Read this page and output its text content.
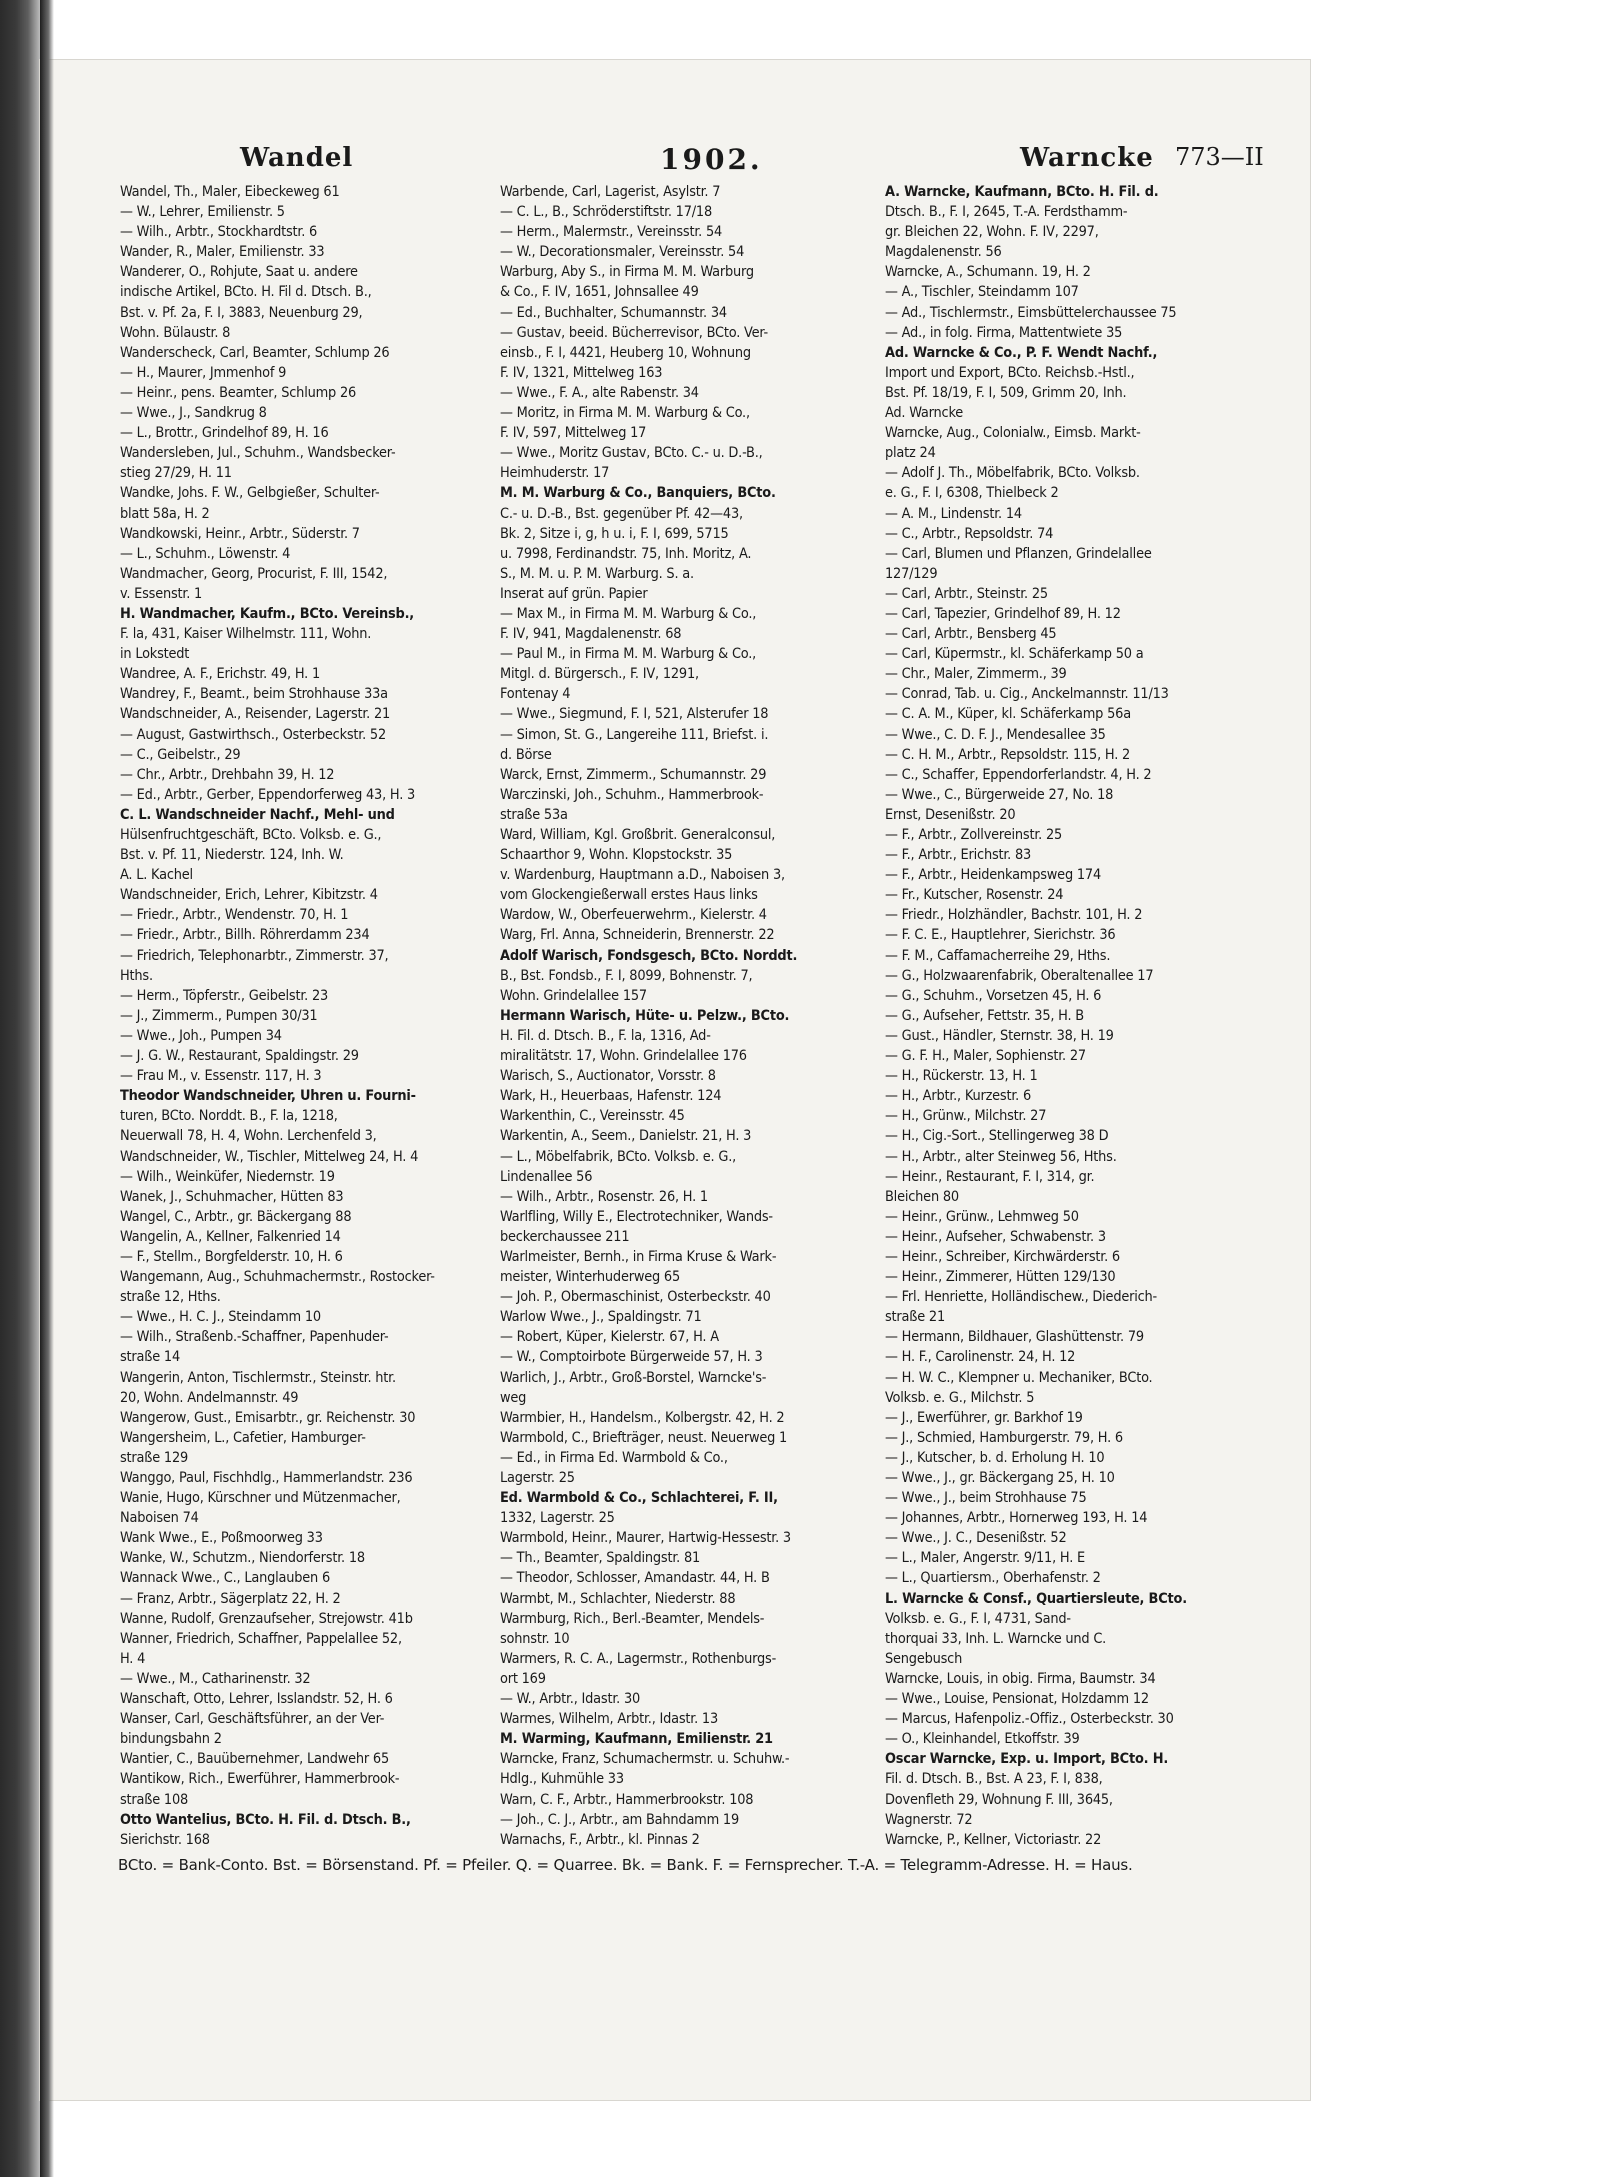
Wandel	1902.	Warncke 773—II
Wandel, Th., Maler, Eibeckeweg 61
— W., Lehrer, Emilienstr. 5
— Wilh., Arbtr., Stockhardtstr. 6
Wander, R., Maler, Emilienstr. 33
Wanderer, O., Rohjute, Saat u. andere
indische Artikel, BCto. H. Fil d. Dtsch. B.,
Bst. v. Pf. 2a, F. I, 3883, Neuenburg 29,
Wohn. Bülaustr. 8
Wanderscheck, Carl, Beamter, Schlump 26
— H., Maurer, Jmmenhof 9
— Heinr., pens. Beamter, Schlump 26
— Wwe., J., Sandkrug 8
— L., Brottr., Grindelhof 89, H. 16
Wandersleben, Jul., Schuhm., Wandsbecker-
stieg 27/29, H. 11
Wandke, Johs. F. W., Gelbgießer, Schulter-
blatt 58a, H. 2
Wandkowski, Heinr., Arbtr., Süderstr. 7
— L., Schuhm., Löwenstr. 4
Wandmacher, Georg, Procurist, F. III, 1542,
v. Essenstr. 1
H. Wandmacher, Kaufm., BCto. Vereinsb.,
F. la, 431, Kaiser Wilhelmstr. 111, Wohn.
in Lokstedt
Wandree, A. F., Erichstr. 49, H. 1
Wandrey, F., Beamt., beim Strohhause 33a
Wandschneider, A., Reisender, Lagerstr. 21
— August, Gastwirthsch., Osterbeckstr. 52
— C., Geibelstr., 29
— Chr., Arbtr., Drehbahn 39, H. 12
— Ed., Arbtr., Gerber, Eppendorferweg 43, H. 3
C. L. Wandschneider Nachf., Mehl- und
Hülsenfruchtgeschäft, BCto. Volksb. e. G.,
Bst. v. Pf. 11, Niederstr. 124, Inh. W.
A. L. Kachel
Wandschneider, Erich, Lehrer, Kibitzstr. 4
— Friedr., Arbtr., Wendenstr. 70, H. 1
— Friedr., Arbtr., Billh. Röhrerdamm 234
— Friedrich, Telephonarbtr., Zimmerstr. 37,
Hths.
— Herm., Töpferstr., Geibelstr. 23
— J., Zimmerm., Pumpen 30/31
— Wwe., Joh., Pumpen 34
— J. G. W., Restaurant, Spaldingstr. 29
— Frau M., v. Essenstr. 117, H. 3
Theodor Wandschneider, Uhren u. Fourni-
turen, BCto. Norddt. B., F. la, 1218,
Neuerwall 78, H. 4, Wohn. Lerchenfeld 3,
Wandschneider, W., Tischler, Mittelweg 24, H. 4
— Wilh., Weinküfer, Niedernstr. 19
Wanek, J., Schuhmacher, Hütten 83
Wangel, C., Arbtr., gr. Bäckergang 88
Wangelin, A., Kellner, Falkenried 14
— F., Stellm., Borgfelderstr. 10, H. 6
Wangemann, Aug., Schuhmachermstr., Rostocker-
straße 12, Hths.
— Wwe., H. C. J., Steindamm 10
— Wilh., Straßenb.-Schaffner, Papenhuder-
straße 14
Wangerin, Anton, Tischlermstr., Steinstr. htr.
20, Wohn. Andelmannstr. 49
Wangerow, Gust., Emisarbtr., gr. Reichenstr. 30
Wangersheim, L., Cafetier, Hamburger-
straße 129
Wanggo, Paul, Fischhdlg., Hammerlandstr. 236
Wanie, Hugo, Kürschner und Mützenmacher,
Naboisen 74
Wank Wwe., E., Poßmoorweg 33
Wanke, W., Schutzm., Niendorferstr. 18
Wannack Wwe., C., Langlauben 6
— Franz, Arbtr., Sägerplatz 22, H. 2
Wanne, Rudolf, Grenzaufseher, Strejowstr. 41b
Wanner, Friedrich, Schaffner, Pappelallee 52,
H. 4
— Wwe., M., Catharinenstr. 32
Wanschaft, Otto, Lehrer, Isslandstr. 52, H. 6
Wanser, Carl, Geschäftsführer, an der Ver-
bindungsbahn 2
Wantier, C., Bauübernehmer, Landwehr 65
Wantikow, Rich., Ewerführer, Hammerbrook-
straße 108
Otto Wantelius, BCto. H. Fil. d. Dtsch. B.,
Sierichstr. 168
Warbende, Carl, Lagerist, Asylstr. 7
— C. L., B., Schröderstiftstr. 17/18
— Herm., Malermstr., Vereinsstr. 54
— W., Decorationsmaler, Vereinsstr. 54
Warburg, Aby S., in Firma M. M. Warburg
& Co., F. IV, 1651, Johnsallee 49
— Ed., Buchhalter, Schumannstr. 34
— Gustav, beeid. Bücherrevisor, BCto. Ver-
einsb., F. I, 4421, Heuberg 10, Wohnung
F. IV, 1321, Mittelweg 163
— Wwe., F. A., alte Rabenstr. 34
— Moritz, in Firma M. M. Warburg & Co.,
F. IV, 597, Mittelweg 17
— Wwe., Moritz Gustav, BCto. C.- u. D.-B.,
Heimhuderstr. 17
M. M. Warburg & Co., Banquiers, BCto.
C.- u. D.-B., Bst. gegenüber Pf. 42—43,
Bk. 2, Sitze i, g, h u. i, F. I, 699, 5715
u. 7998, Ferdinandstr. 75, Inh. Moritz, A.
S., M. M. u. P. M. Warburg. S. a.
Inserat auf grün. Papier
— Max M., in Firma M. M. Warburg & Co.,
F. IV, 941, Magdalenenstr. 68
— Paul M., in Firma M. M. Warburg & Co.,
Mitgl. d. Bürgersch., F. IV, 1291,
Fontenay 4
— Wwe., Siegmund, F. I, 521, Alsterufer 18
— Simon, St. G., Langereihe 111, Briefst. i.
d. Börse
Warck, Ernst, Zimmerm., Schumannstr. 29
Warczinski, Joh., Schuhm., Hammerbrook-
straße 53a
Ward, William, Kgl. Großbrit. Generalconsul,
Schaarthor 9, Wohn. Klopstockstr. 35
v. Wardenburg, Hauptmann a.D., Naboisen 3,
vom Glockengießerwall erstes Haus links
Wardow, W., Oberfeuerwehrm., Kielerstr. 4
Warg, Frl. Anna, Schneiderin, Brennerstr. 22
Adolf Warisch, Fondsgesch, BCto. Norddt.
B., Bst. Fondsb., F. I, 8099, Bohnenstr. 7,
Wohn. Grindelallee 157
Hermann Warisch, Hüte- u. Pelzw., BCto.
H. Fil. d. Dtsch. B., F. la, 1316, Ad-
miralitätstr. 17, Wohn. Grindelallee 176
Warisch, S., Auctionator, Vorsstr. 8
Wark, H., Heuerbaas, Hafenstr. 124
Warkenthin, C., Vereinsstr. 45
Warkentin, A., Seem., Danielstr. 21, H. 3
— L., Möbelfabrik, BCto. Volksb. e. G.,
Lindenallee 56
— Wilh., Arbtr., Rosenstr. 26, H. 1
Warlfling, Willy E., Electrotechniker, Wands-
beckerchaussee 211
Warlmeister, Bernh., in Firma Kruse & Wark-
meister, Winterhuderweg 65
— Joh. P., Obermaschinist, Osterbeckstr. 40
Warlow Wwe., J., Spaldingstr. 71
— Robert, Küper, Kielerstr. 67, H. A
— W., Comptoirbote Bürgerweide 57, H. 3
Warlich, J., Arbtr., Groß-Borstel, Warncke's-
weg
Warmbier, H., Handelsm., Kolbergstr. 42, H. 2
Warmbold, C., Briefträger, neust. Neuerweg 1
— Ed., in Firma Ed. Warmbold & Co.,
Lagerstr. 25
Ed. Warmbold & Co., Schlachterei, F. II,
1332, Lagerstr. 25
Warmbold, Heinr., Maurer, Hartwig-Hessestr. 3
— Th., Beamter, Spaldingstr. 81
— Theodor, Schlosser, Amandastr. 44, H. B
Warmbt, M., Schlachter, Niederstr. 88
Warmburg, Rich., Berl.-Beamter, Mendels-
sohnstr. 10
Warmers, R. C. A., Lagermstr., Rothenburgs-
ort 169
— W., Arbtr., Idastr. 30
Warmes, Wilhelm, Arbtr., Idastr. 13
M. Warming, Kaufmann, Emilienstr. 21
Warncke, Franz, Schumachermstr. u. Schuhw.-
Hdlg., Kuhmühle 33
Warn, C. F., Arbtr., Hammerbrookstr. 108
— Joh., C. J., Arbtr., am Bahndamm 19
Warnachs, F., Arbtr., kl. Pinnas 2
A. Warncke, Kaufmann, BCto. H. Fil. d.
Dtsch. B., F. I, 2645, T.-A. Ferdsthamm-
gr. Bleichen 22, Wohn. F. IV, 2297,
Magdalenenstr. 56
Warncke, A., Schumann. 19, H. 2
— A., Tischler, Steindamm 107
— Ad., Tischlermstr., Eimsbüttelerchaussee 75
— Ad., in folg. Firma, Mattentwiete 35
Ad. Warncke & Co., P. F. Wendt Nachf.,
Import und Export, BCto. Reichsb.-Hstl.,
Bst. Pf. 18/19, F. I, 509, Grimm 20, Inh.
Ad. Warncke
Warncke, Aug., Colonialw., Eimsb. Markt-
platz 24
— Adolf J. Th., Möbelfabrik, BCto. Volksb.
e. G., F. I, 6308, Thielbeck 2
— A. M., Lindenstr. 14
— C., Arbtr., Repsoldstr. 74
— Carl, Blumen und Pflanzen, Grindelallee
127/129
— Carl, Arbtr., Steinstr. 25
— Carl, Tapezier, Grindelhof 89, H. 12
— Carl, Arbtr., Bensberg 45
— Carl, Küpermstr., kl. Schäferkamp 50 a
— Chr., Maler, Zimmerm., 39
— Conrad, Tab. u. Cig., Anckelmannstr. 11/13
— C. A. M., Küper, kl. Schäferkamp 56a
— Wwe., C. D. F. J., Mendesallee 35
— C. H. M., Arbtr., Repsoldstr. 115, H. 2
— C., Schaffer, Eppendorferlandstr. 4, H. 2
— Wwe., C., Bürgerweide 27, No. 18
Ernst, Desenißstr. 20
— F., Arbtr., Zollvereinstr. 25
— F., Arbtr., Erichstr. 83
— F., Arbtr., Heidenkampsweg 174
— Fr., Kutscher, Rosenstr. 24
— Friedr., Holzhändler, Bachstr. 101, H. 2
— F. C. E., Hauptlehrer, Sierichstr. 36
— F. M., Caffamacherreihe 29, Hths.
— G., Holzwaarenfabrik, Oberaltenallee 17
— G., Schuhm., Vorsetzen 45, H. 6
— G., Aufseher, Fettstr. 35, H. B
— Gust., Händler, Sternstr. 38, H. 19
— G. F. H., Maler, Sophienstr. 27
— H., Rückerstr. 13, H. 1
— H., Arbtr., Kurzestr. 6
— H., Grünw., Milchstr. 27
— H., Cig.-Sort., Stellingerweg 38 D
— H., Arbtr., alter Steinweg 56, Hths.
— Heinr., Restaurant, F. I, 314, gr.
Bleichen 80
— Heinr., Grünw., Lehmweg 50
— Heinr., Aufseher, Schwabenstr. 3
— Heinr., Schreiber, Kirchwärderstr. 6
— Heinr., Zimmerer, Hütten 129/130
— Frl. Henriette, Holländischew., Diederich-
straße 21
— Hermann, Bildhauer, Glashüttenstr. 79
— H. F., Carolinenstr. 24, H. 12
— H. W. C., Klempner u. Mechaniker, BCto.
Volksb. e. G., Milchstr. 5
— J., Ewerführer, gr. Barkhof 19
— J., Schmied, Hamburgerstr. 79, H. 6
— J., Kutscher, b. d. Erholung H. 10
— Wwe., J., gr. Bäckergang 25, H. 10
— Wwe., J., beim Strohhause 75
— Johannes, Arbtr., Hornerweg 193, H. 14
— Wwe., J. C., Desenißstr. 52
— L., Maler, Angerstr. 9/11, H. E
— L., Quartiersm., Oberhafenstr. 2
L. Warncke & Consf., Quartiersleute, BCto.
Volksb. e. G., F. I, 4731, Sand-
thorquai 33, Inh. L. Warncke und C.
Sengebusch
Warncke, Louis, in obig. Firma, Baumstr. 34
— Wwe., Louise, Pensionat, Holzdamm 12
— Marcus, Hafenpoliz.-Offiz., Osterbeckstr. 30
— O., Kleinhandel, Etkoffstr. 39
Oscar Warncke, Exp. u. Import, BCto. H.
Fil. d. Dtsch. B., Bst. A 23, F. I, 838,
Dovenfleth 29, Wohnung F. III, 3645,
Wagnerstr. 72
Warncke, P., Kellner, Victoriastr. 22
BCto. = Bank-Conto. Bst. = Börsenstand. Pf. = Pfeiler. Q. = Quarree. Bk. = Bank. F. = Fernsprecher. T.-A. = Telegramm-Adresse. H. = Haus.
